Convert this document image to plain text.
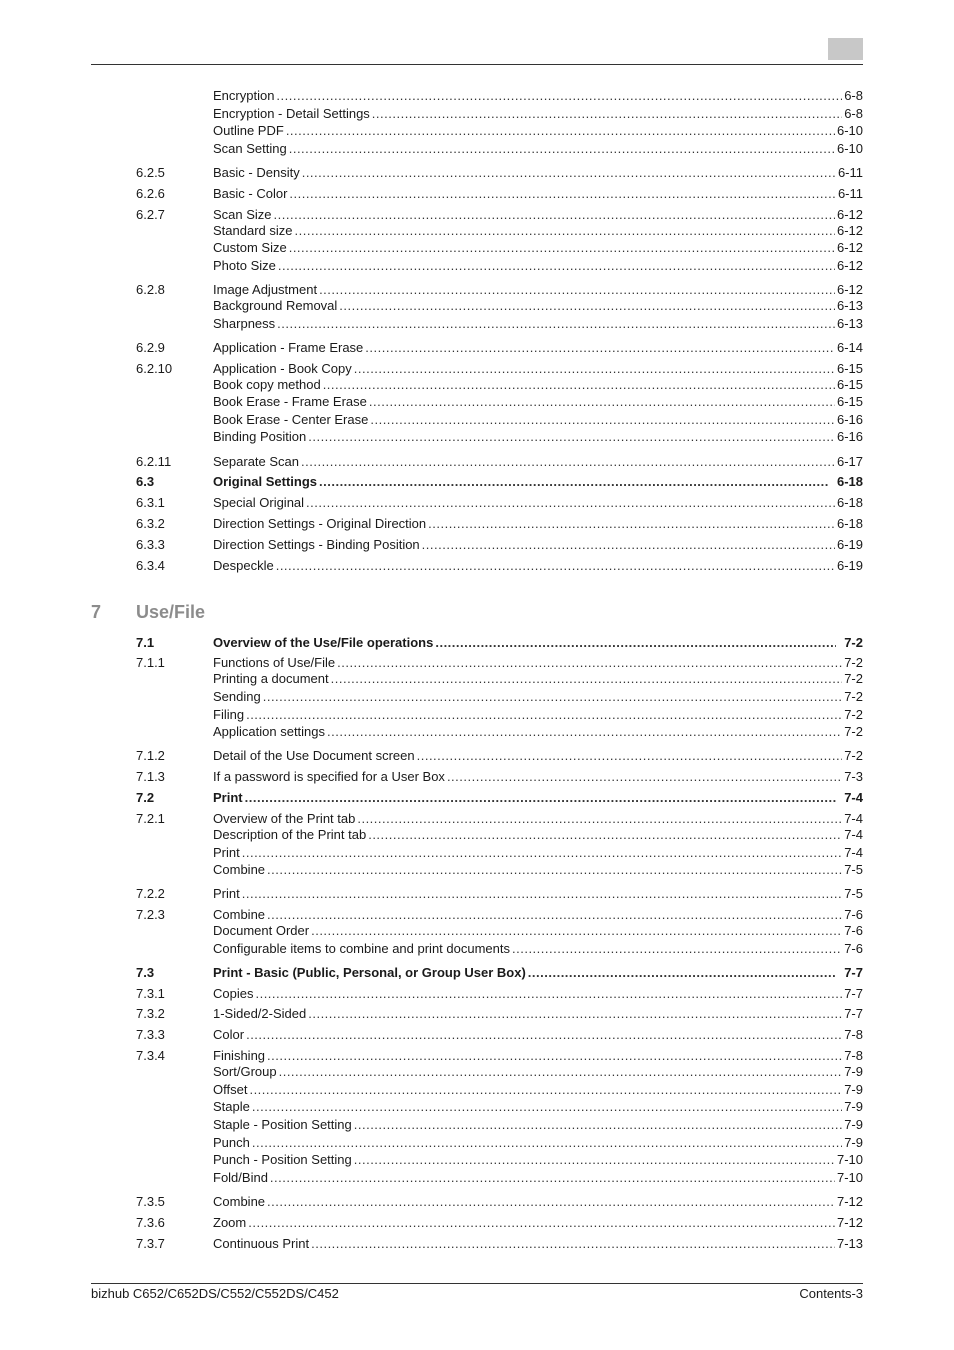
Encryption .....	6-8
Encryption - Detail Settings .....	6-8
Outline PDF .....	6-10
Scan Setting .....	6-10
6.2.5	Basic - Density .....	6-11
6.2.6	Basic - Color .....	6-11
6.2.7	Scan Size .....	6-12
Standard size .....	6-12
Custom Size .....	6-12
Photo Size .....	6-12
6.2.8	Image Adjustment .....	6-12
Background Removal .....	6-13
Sharpness .....	6-13
6.2.9	Application - Frame Erase .....	6-14
6.2.10	Application - Book Copy .....	6-15
Book copy method .....	6-15
Book Erase - Frame Erase .....	6-15
Book Erase - Center Erase .....	6-16
Binding Position .....	6-16
6.2.11	Separate Scan .....	6-17
6.3	Original Settings .....	6-18
6.3.1	Special Original .....	6-18
6.3.2	Direction Settings - Original Direction .....	6-18
6.3.3	Direction Settings - Binding Position .....	6-19
6.3.4	Despeckle .....	6-19
7 Use/File
7.1	Overview of the Use/File operations .....	7-2
7.1.1	Functions of Use/File .....	7-2
Printing a document .....	7-2
Sending .....	7-2
Filing .....	7-2
Application settings .....	7-2
7.1.2	Detail of the Use Document screen .....	7-2
7.1.3	If a password is specified for a User Box .....	7-3
7.2	Print .....	7-4
7.2.1	Overview of the Print tab .....	7-4
Description of the Print tab .....	7-4
Print .....	7-4
Combine .....	7-5
7.2.2	Print .....	7-5
7.2.3	Combine .....	7-6
Document Order .....	7-6
Configurable items to combine and print documents .....	7-6
7.3	Print - Basic (Public, Personal, or Group User Box) .....	7-7
7.3.1	Copies .....	7-7
7.3.2	1-Sided/2-Sided .....	7-7
7.3.3	Color .....	7-8
7.3.4	Finishing .....	7-8
Sort/Group .....	7-9
Offset .....	7-9
Staple .....	7-9
Staple - Position Setting .....	7-9
Punch .....	7-9
Punch - Position Setting .....	7-10
Fold/Bind .....	7-10
7.3.5	Combine .....	7-12
7.3.6	Zoom .....	7-12
7.3.7	Continuous Print .....	7-13
bizhub C652/C652DS/C552/C552DS/C452	Contents-3
